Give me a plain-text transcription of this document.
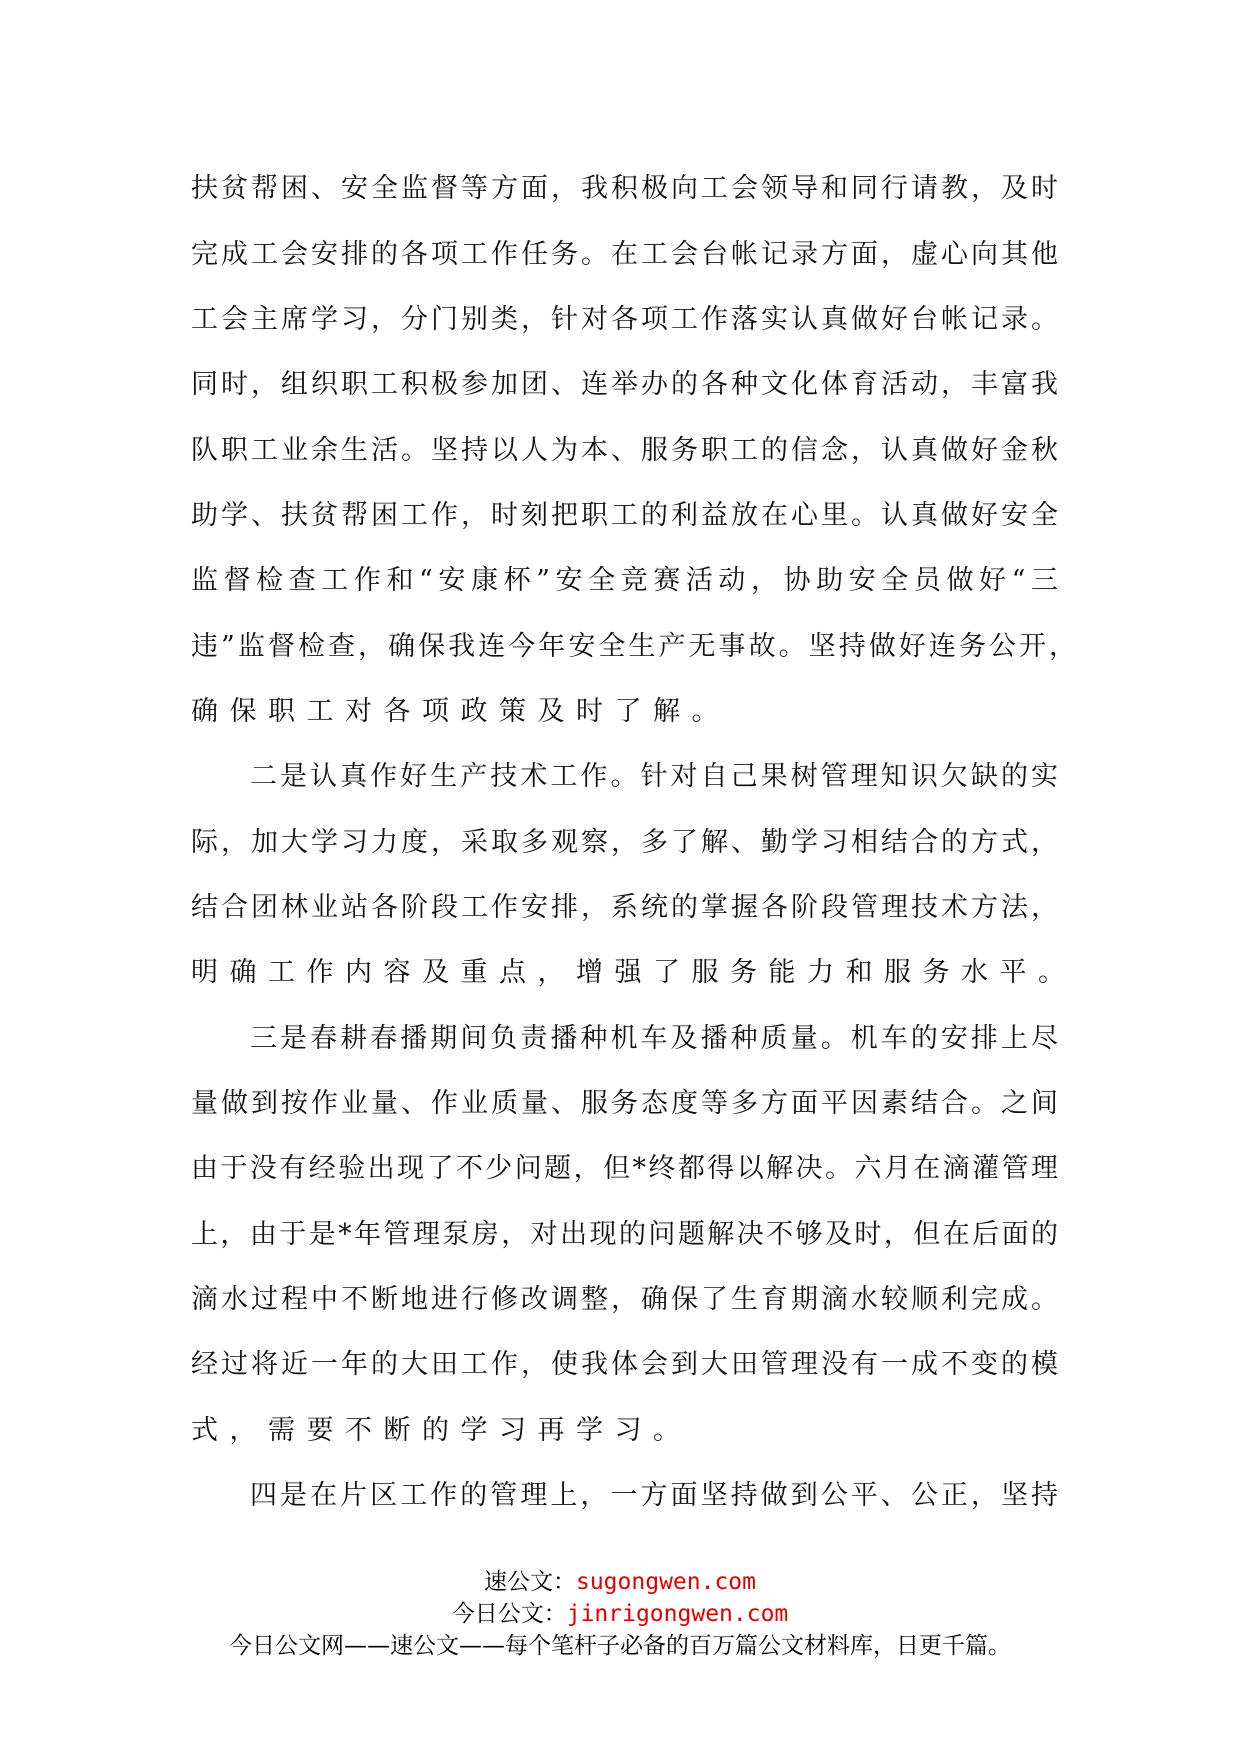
扶贫帮困、安全监督等方面，我积极向工会领导和同行请教，及时
完成工会安排的各项工作任务。在工会台帐记录方面，虚心向其他
工会主席学习，分门别类，针对各项工作落实认真做好台帐记录。
同时，组织职工积极参加团、连举办的各种文化体育活动，丰富我
队职工业余生活。坚持以人为本、服务职工的信念，认真做好金秋
助学、扶贫帮困工作，时刻把职工的利益放在心里。认真做好安全
监督检查工作和“安康杯”安全竞赛活动，协助安全员做好“三
违”监督检查，确保我连今年安全生产无事故。坚持做好连务公开，
确保职工对各项政策及时了解。
二是认真作好生产技术工作。针对自己果树管理知识欠缺的实
际，加大学习力度，采取多观察，多了解、勤学习相结合的方式，
结合团林业站各阶段工作安排，系统的掌握各阶段管理技术方法，
明确工作内容及重点，增强了服务能力和服务水平。
三是春耕春播期间负责播种机车及播种质量。机车的安排上尽
量做到按作业量、作业质量、服务态度等多方面平因素结合。之间
由于没有经验出现了不少问题，但*终都得以解决。六月在滴灌管理
上，由于是*年管理泵房，对出现的问题解决不够及时，但在后面的
滴水过程中不断地进行修改调整，确保了生育期滴水较顺利完成。
经过将近一年的大田工作，使我体会到大田管理没有一成不变的模
式，需要不断的学习再学习。
四是在片区工作的管理上，一方面坚持做到公平、公正，坚持
速公文：sugongwen.com
今日公文：jinrigongwen.com
今日公文网——速公文——每个笔杆子必备的百万篇公文材料库，日更千篇。
